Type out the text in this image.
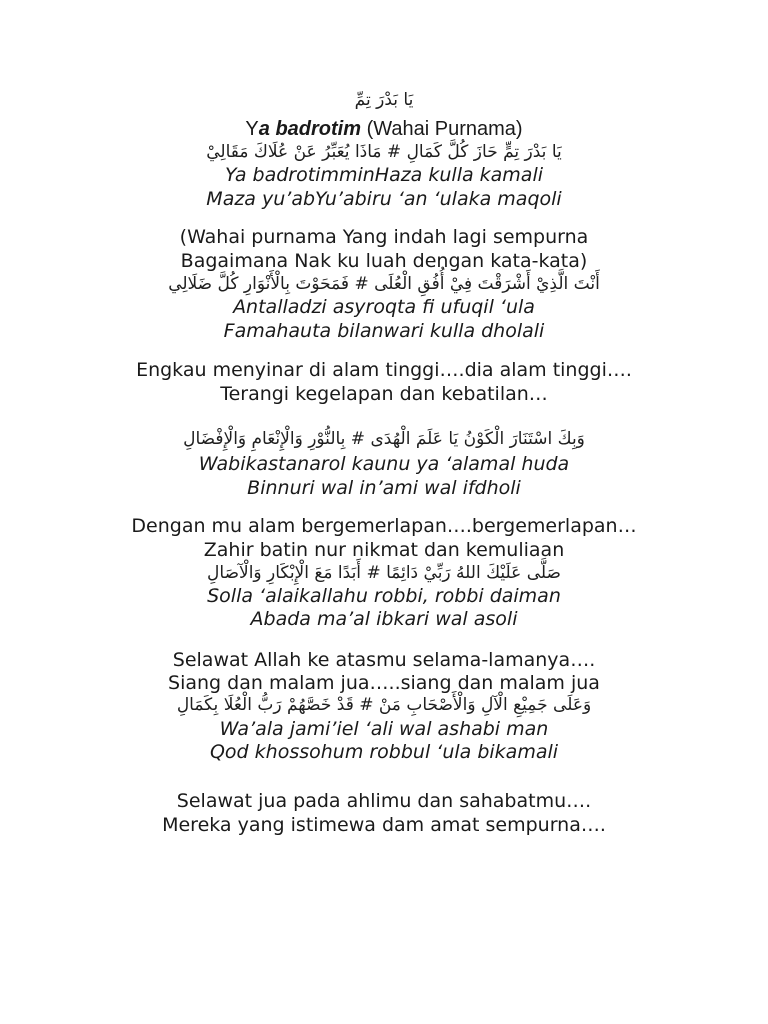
يَا بَدْرَ تِمِّ
Ya badrotim (Wahai Purnama)
يَا بَدْرَ تِمٍّ حَازَ كُلَّ كَمَالِ # مَاذَا يُعَبِّرُ عَنْ عُلَاكَ مَقَالِيْ
Ya badrotimminHaza kulla kamali
Maza yu’abYu’abiru ‘an ‘ulaka maqoli
(Wahai purnama Yang indah lagi sempurna
Bagaimana Nak ku luah dengan kata-kata)
أَنْتَ الَّذِيْ أَشْرَقْتَ فِيْ أُفُقِ الْعُلَى # فَمَحَوْتَ بِالْأَنْوَارِ كُلَّ ضَلَالِي
Antalladzi asyroqta fi ufuqil ‘ula
Famahauta bilanwari kulla dholali
Engkau menyinar di alam tinggi….dia alam tinggi….
Terangi kegelapan dan kebatilan…
وَبِكَ اسْتَنَارَ الْكَوْنُ يَا عَلَمَ الْهُدَى # بِالنُّوْرِ وَالْإِنْعَامِ وَالْإِفْضَالِ
Wabikastanarol kaunu ya ‘alamal huda
Binnuri wal in’ami wal ifdholi
Dengan mu alam bergemerlapan….bergemerlapan…
Zahir batin nur nikmat dan kemuliaan
صَلَّى عَلَيْكَ اللهُ رَبِّيْ دَائِمًا # أَبَدًا مَعَ الْإِبْكَارِ وَالْآصَالِ
Solla ‘alaikallahu robbi, robbi daiman
Abada ma’al ibkari wal asoli
Selawat Allah ke atasmu selama-lamanya….
Siang dan malam jua…..siang dan malam jua
وَعَلَى جَمِيْعِ الْآلِ وَالْأَصْحَابِ مَنْ # قَدْ خَصَّهُمْ رَبُّ الْعُلَا بِكَمَالِ
Wa’ala jami’iel ‘ali wal ashabi man
Qod khossohum robbul ‘ula bikamali
Selawat jua pada ahlimu dan sahabatmu….
Mereka yang istimewa dam amat sempurna….
